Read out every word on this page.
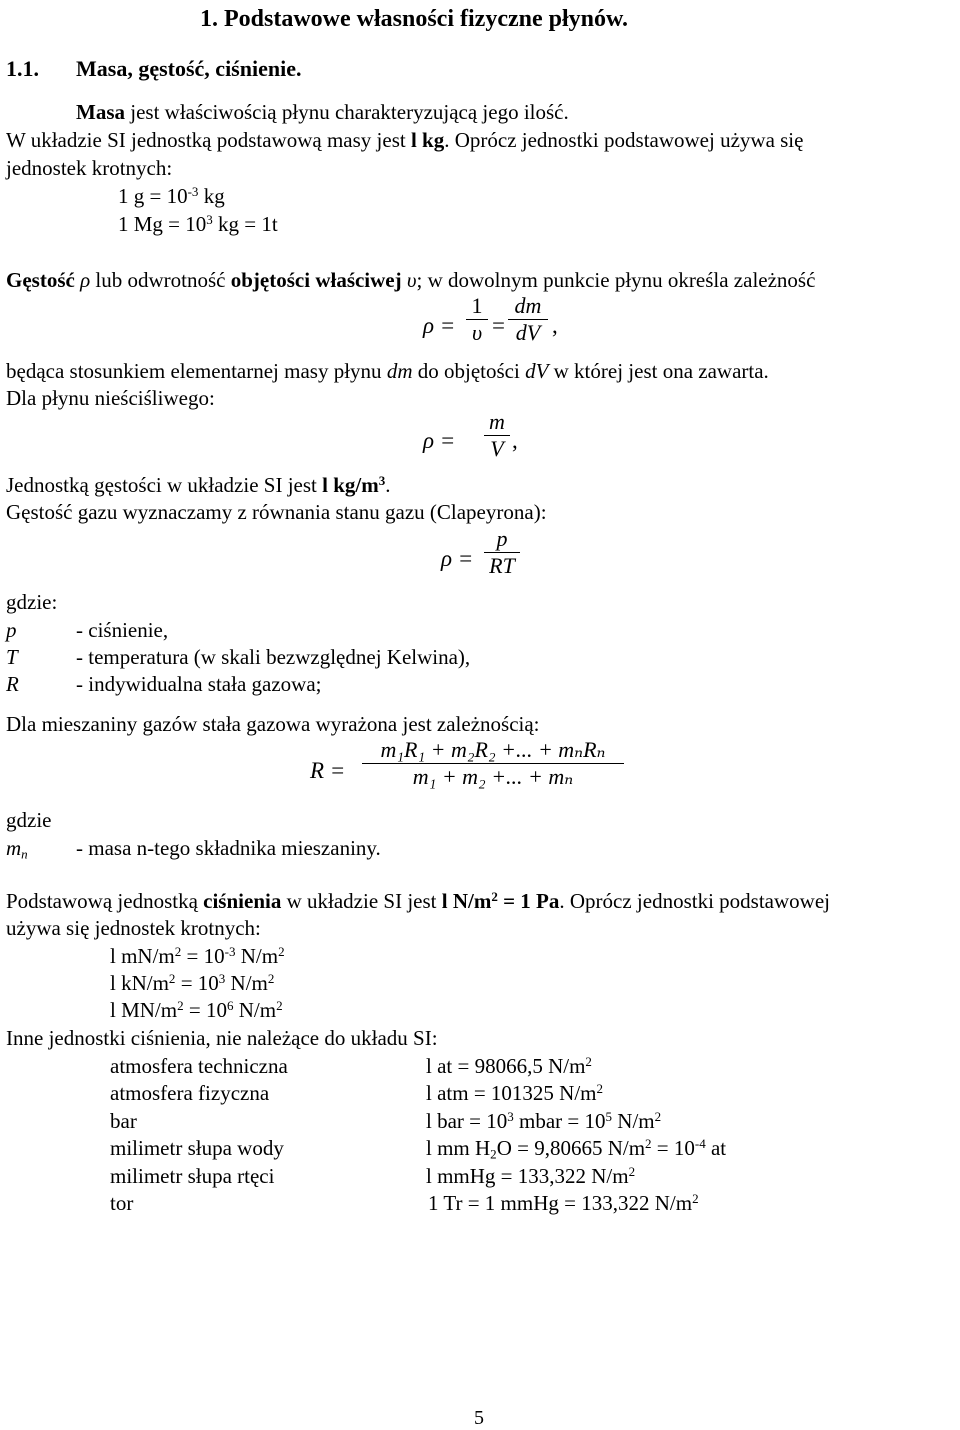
1. Podstawowe własności fizyczne płynów.
1.1. Masa, gęstość, ciśnienie.
Masa jest właściwością płynu charakteryzującą jego ilość.
W układzie SI jednostką podstawową masy jest l kg. Oprócz jednostki podstawowej używa się
jednostek krotnych:
1 $g = 10^{-3}$ kg
1 $Mg = 10^3$ kg = 1t
Gęstość ρ lub odwrotność objętości właściwej υ; w dowolnym punkcie płynu określa zależność
ρ =
1
υ =
dm
dV ,
będąca stosunkiem elementarnej masy płynu dm do objętości dV w której jest ona zawarta.
Dla płynu nieściśliwego:
ρ =
m
V ,
Jednostką gęstości w układzie SI jest l $kg/m^3$.
Gęstość gazu wyznaczamy z równania stanu gazu (Clapeyrona):
ρ =
p
RT
gdzie:
p	- ciśnienie,
T	- temperatura (w skali bezwzględnej Kelwina),
R	- indywidualna stała gazowa;
Dla mieszaniny gazów stała gazowa wyrażona jest zależnością:
R =
m₁R₁ + m₂R₂ +... + mₙRₙ
m₁ + m₂ +... + mₙ
gdzie
$m_n$ - masa n-tego składnika mieszaniny.
Podstawową jednostką ciśnienia w układzie SI jest l $N/m^2 = 1$ Pa. Oprócz jednostki podstawowej
używa się jednostek krotnych:
l $mN/m^2 = 10^{-3}$ $N/m^2$
l $kN/m^2 = 10^3$ $N/m^2$
l $MN/m^2 = 10^6$ $N/m^2$
Inne jednostki ciśnienia, nie należące do układu SI:
atmosfera techniczna	l at = 98066,5 $N/m^2$
atmosfera fizyczna	l atm = 101325 $N/m^2$
bar	l bar = $10^3$ mbar = $10^5$ $N/m^2$
milimetr słupa wody	l mm $H_2O = 9,80665$ $N/m^2 = 10^{-4}$ at
milimetr słupa rtęci	l mmHg = 133,322 $N/m^2$
tor	1 Tr = 1 mmHg = 133,322 $N/m^2$
5
